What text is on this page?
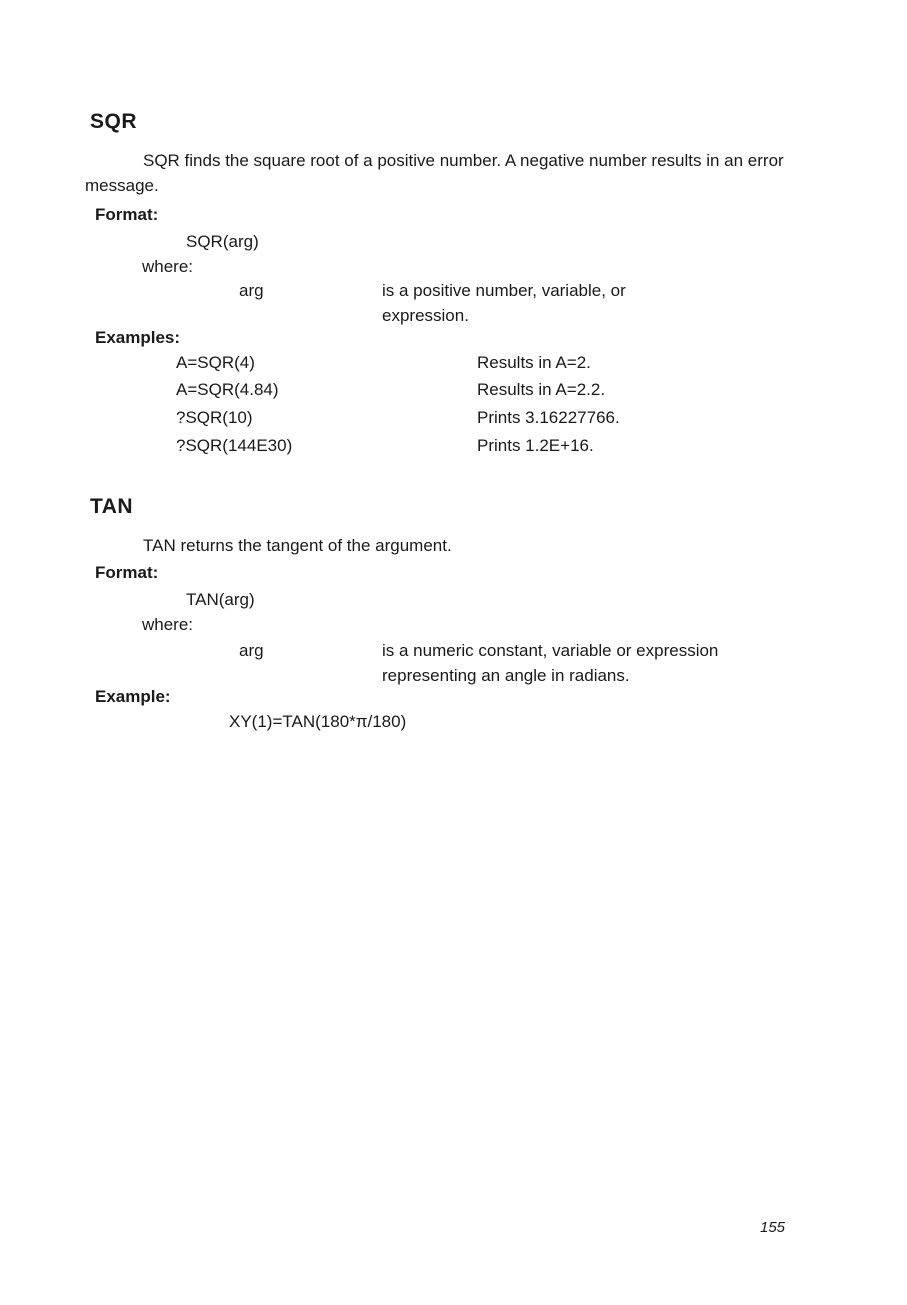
SQR
SQR finds the square root of a positive number. A negative number results in an error message.
Format:
SQR(arg)
where:
arg	is a positive number, variable, or
expression.
Examples:
A=SQR(4)	Results in A=2.
A=SQR(4.84)	Results in A=2.2.
?SQR(10)	Prints 3.16227766.
?SQR(144E30)	Prints 1.2E+16.
TAN
TAN returns the tangent of the argument.
Format:
TAN(arg)
where:
arg	is a numeric constant, variable or expression
representing an angle in radians.
Example:
XY(1)=TAN(180*π/180)
155
